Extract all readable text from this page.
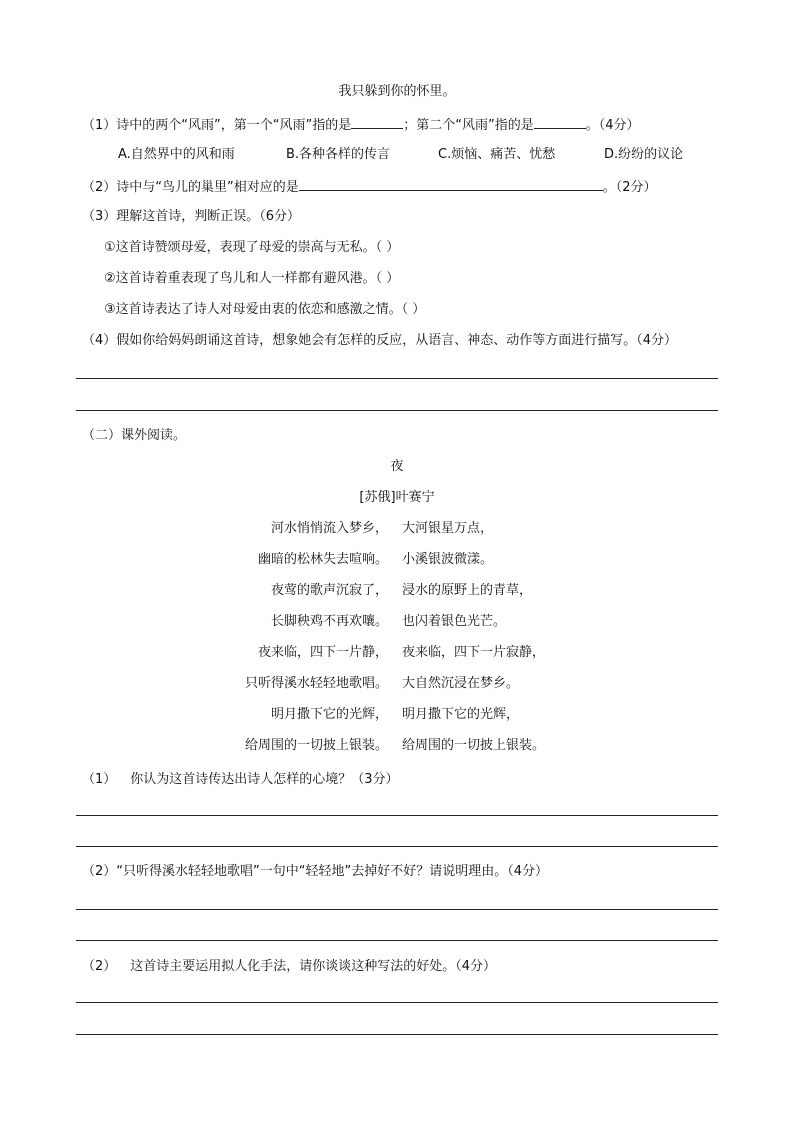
我只躲到你的怀里。
（1）诗中的两个“风雨”，第一个“风雨”指的是	；第二个“风雨”指的是	。（4分）
A.自然界中的风和雨	B.各种各样的传言	C.烦恼、痛苦、忧愁	D.纷纷的议论
（2）诗中与“鸟儿的巢里”相对应的是	。（2分）
（3）理解这首诗，判断正误。（6分）
①这首诗赞颂母爱，表现了母爱的崇高与无私。（ ）
②这首诗着重表现了鸟儿和人一样都有避风港。（ ）
③这首诗表达了诗人对母爱由衷的依恋和感激之情。（ ）
（4）假如你给妈妈朗诵这首诗，想象她会有怎样的反应，从语言、神态、动作等方面进行描写。（4分）
（二）课外阅读。
夜
[苏俄]叶赛宁
河水悄悄流入梦乡，
幽暗的松林失去喧响。
夜莺的歌声沉寂了，
长脚秧鸡不再欢嚷。
夜来临，四下一片静，
只听得溪水轻轻地歌唱。
明月撒下它的光辉，
给周围的一切披上银装。
大河银星万点，
小溪银波微漾。
浸水的原野上的青草，
也闪着银色光芒。
夜来临，四下一片寂静，
大自然沉浸在梦乡。
明月撒下它的光辉，
给周围的一切披上银装。
（1） 你认为这首诗传达出诗人怎样的心境？（3分）
（2）“只听得溪水轻轻地歌唱”一句中“轻轻地”去掉好不好？请说明理由。（4分）
（2） 这首诗主要运用拟人化手法，请你谈谈这种写法的好处。（4分）
